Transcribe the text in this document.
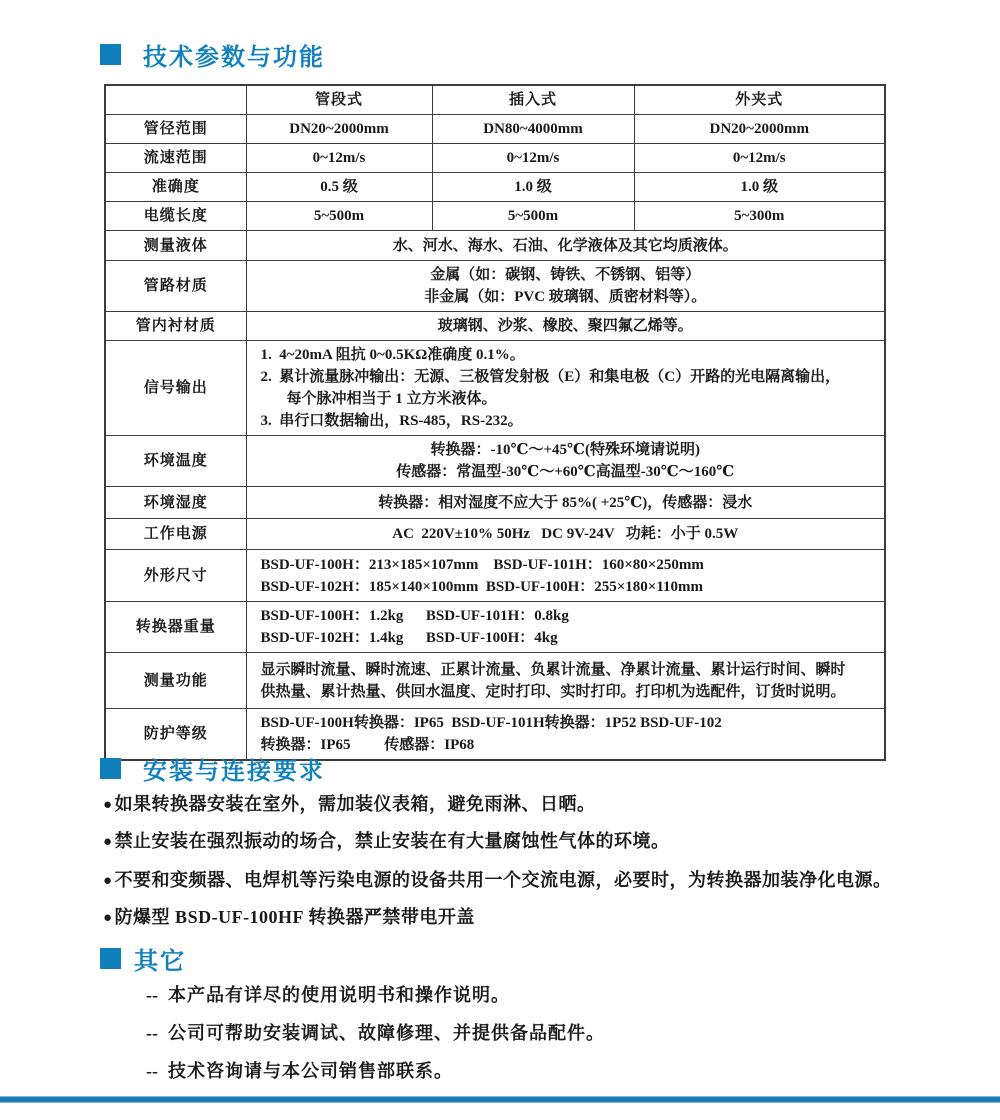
技术参数与功能
	管段式	插入式	外夹式
管径范围	DN20~2000mm	DN80~4000mm	DN20~2000mm
流速范围	0~12m/s	0~12m/s	0~12m/s
准确度	0.5 级	1.0 级	1.0 级
电缆长度	5~500m	5~500m	5~300m
测量液体	水、河水、海水、石油、化学液体及其它均质液体。		

管路材质	金属（如：碳钢、铸铁、不锈钢、铝等）
非金属（如：PVC 玻璃钢、质密材料等）。		

管内衬材质	玻璃钢、沙浆、橡胶、聚四氟乙烯等。		

信号输出	1.  4~20mA 阻抗 0~0.5KΩ准确度 0.1%。
2.  累计流量脉冲输出：无源、三极管发射极（E）和集电极（C）开路的光电隔离输出，
每个脉冲相当于 1 立方米液体。
3.  串行口数据输出，RS-485，RS-232。		

环境温度	转换器：-10℃～+45℃(特殊环境请说明)
传感器：常温型-30℃～+60℃高温型-30℃～160℃		

环境湿度	转换器：相对湿度不应大于 85%( +25℃)，传感器：浸水		

工作电源	AC  220V±10% 50Hz   DC 9V-24V   功耗：小于 0.5W		

外形尺寸	BSD-UF-100H：213×185×107mm    BSD-UF-101H：160×80×250mm
BSD-UF-102H：185×140×100mm  BSD-UF-100H：255×180×110mm		

转换器重量	BSD-UF-100H：1.2kg      BSD-UF-101H：0.8kg
BSD-UF-102H：1.4kg      BSD-UF-100H：4kg		

测量功能	显示瞬时流量、瞬时流速、正累计流量、负累计流量、净累计流量、累计运行时间、瞬时
供热量、累计热量、供回水温度、定时打印、实时打印。打印机为选配件，订货时说明。		

防护等级	BSD-UF-100H转换器：IP65  BSD-UF-101H转换器：1P52 BSD-UF-102
转换器：IP65         传感器：IP68		
安装与连接要求
● 如果转换器安装在室外，需加装仪表箱，避免雨淋、日晒。
● 禁止安装在强烈振动的场合，禁止安装在有大量腐蚀性气体的环境。
● 不要和变频器、电焊机等污染电源的设备共用一个交流电源，必要时，为转换器加装净化电源。
● 防爆型 BSD-UF-100HF 转换器严禁带电开盖
其它
-- 本产品有详尽的使用说明书和操作说明。
-- 公司可帮助安装调试、故障修理、并提供备品配件。
-- 技术咨询请与本公司销售部联系。
